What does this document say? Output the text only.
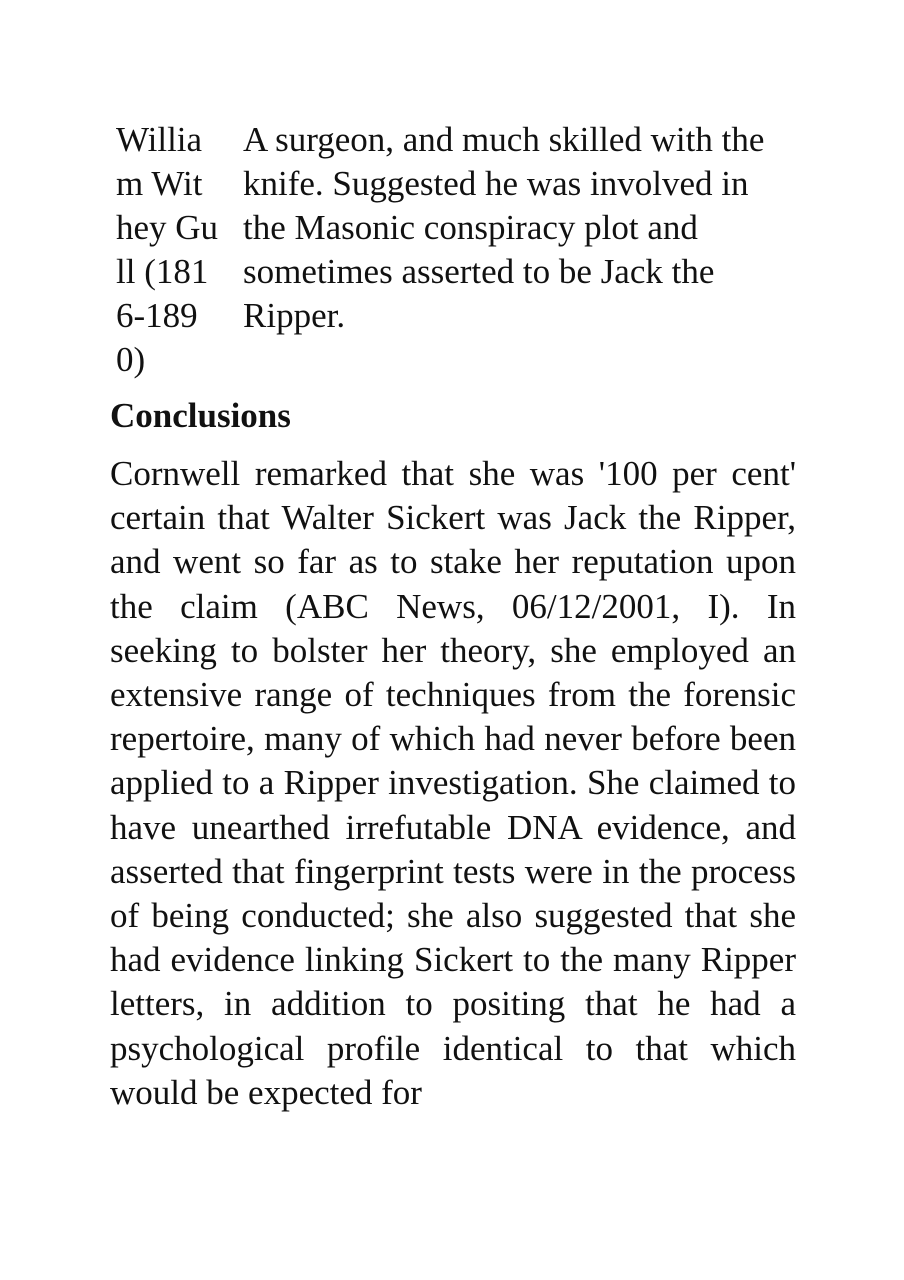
William Withey Gull (1816-1890)	A surgeon, and much skilled with the knife. Suggested he was involved in the Masonic conspiracy plot and sometimes asserted to be Jack the Ripper.
Conclusions

Cornwell remarked that she was '100 per cent' certain that Walter Sickert was Jack the Ripper, and went so far as to stake her reputation upon the claim (ABC News, 06/12/2001, I). In seeking to bolster her theory, she employed an extensive range of techniques from the forensic repertoire, many of which had never before been applied to a Ripper investigation. She claimed to have unearthed irrefutable DNA evidence, and asserted that fingerprint tests were in the process of being conducted; she also suggested that she had evidence linking Sickert to the many Ripper letters, in addition to positing that he had a psychological profile identical to that which would be expected for
